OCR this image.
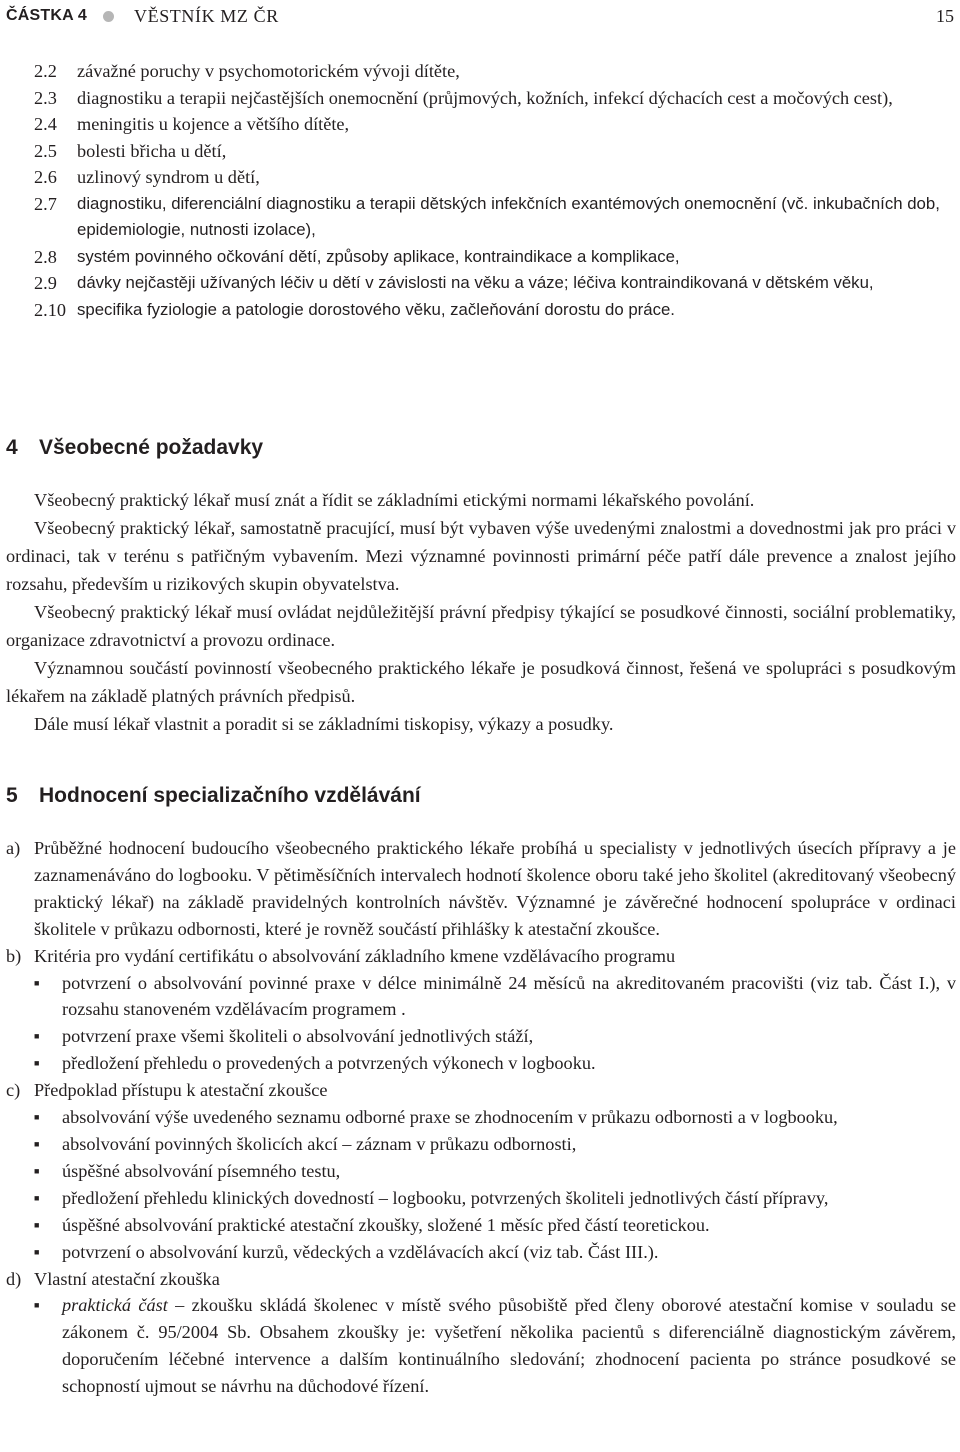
ČÁSTKA 4	VĚSTNÍK MZ ČR	15
2.2	závažné poruchy v psychomotorickém vývoji dítěte,
2.3	diagnostiku a terapii nejčastějších onemocnění (průjmových, kožních, infekcí dýchacích cest a močových cest),
2.4	meningitis u kojence a většího dítěte,
2.5	bolesti břicha u dětí,
2.6	uzlinový syndrom u dětí,
2.7	diagnostiku, diferenciální diagnostiku a terapii dětských infekčních exantémových onemocnění (vč. inkubačních dob, epidemiologie, nutnosti izolace),
2.8	systém povinného očkování dětí, způsoby aplikace, kontraindikace a komplikace,
2.9	dávky nejčastěji užívaných léčiv u dětí v závislosti na věku a váze; léčiva kontraindikovaná v dětském věku,
2.10 specifika fyziologie a patologie dorostového věku, začleňování dorostu do práce.
4 Všeobecné požadavky

Všeobecný praktický lékař musí znát a řídit se základními etickými normami lékařského povolání.

Všeobecný praktický lékař, samostatně pracující, musí být vybaven výše uvedenými znalostmi a dovednostmi jak pro práci v ordinaci, tak v terénu s patřičným vybavením. Mezi významné povinnosti primární péče patří dále prevence a znalost jejího rozsahu, především u rizikových skupin obyvatelstva.

Všeobecný praktický lékař musí ovládat nejdůležitější právní předpisy týkající se posudkové činnosti, sociální problematiky, organizace zdravotnictví a provozu ordinace.

Významnou součástí povinností všeobecného praktického lékaře je posudková činnost, řešená ve spolupráci s posudkovým lékařem na základě platných právních předpisů.

Dále musí lékař vlastnit a poradit si se základními tiskopisy, výkazy a posudky.

5 Hodnocení specializačního vzdělávání
a) Průběžné hodnocení budoucího všeobecného praktického lékaře probíhá u specialisty v jednotlivých úsecích přípravy a je zaznamenáváno do logbooku. V pětiměsíčních intervalech hodnotí školence oboru také jeho školitel (akreditovaný všeobecný praktický lékař) na základě pravidelných kontrolních návštěv. Významné je závěrečné hodnocení spolupráce v ordinaci školitele v průkazu odbornosti, které je rovněž součástí přihlášky k atestační zkoušce.
b) Kritéria pro vydání certifikátu o absolvování základního kmene vzdělávacího programu
■ potvrzení o absolvování povinné praxe v délce minimálně 24 měsíců na akreditovaném pracovišti (viz tab. Část I.), v rozsahu stanoveném vzdělávacím programem .
■ potvrzení praxe všemi školiteli o absolvování jednotlivých stáží,
■ předložení přehledu o provedených a potvrzených výkonech v logbooku.
c) Předpoklad přístupu k atestační zkoušce
■ absolvování výše uvedeného seznamu odborné praxe se zhodnocením v průkazu odbornosti a v logbooku,
■ absolvování povinných školicích akcí – záznam v průkazu odbornosti,
■ úspěšné absolvování písemného testu,
■ předložení přehledu klinických dovedností – logbooku, potvrzených školiteli jednotlivých částí přípravy,
■ úspěšné absolvování praktické atestační zkoušky, složené 1 měsíc před částí teoretickou.
■ potvrzení o absolvování kurzů, vědeckých a vzdělávacích akcí (viz tab. Část III.).
d) Vlastní atestační zkouška
■ praktická část – zkoušku skládá školenec v místě svého působiště před členy oborové atestační komise v souladu se zákonem č. 95/2004 Sb. Obsahem zkoušky je: vyšetření několika pacientů s diferenciálně diagnostickým závěrem, doporučením léčebné intervence a dalším kontinuálního sledování; zhodnocení pacienta po stránce posudkové se schopností ujmout se návrhu na důchodové řízení.
